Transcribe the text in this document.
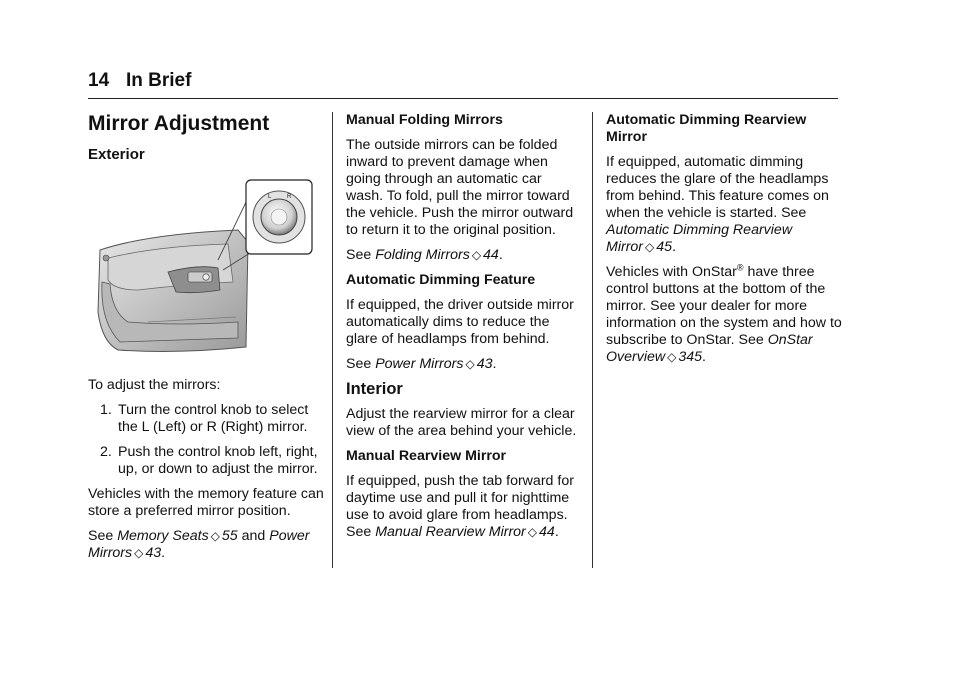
14 In Brief
Mirror Adjustment
Exterior

To adjust the mirrors:

1. Turn the control knob to select the L (Left) or R (Right) mirror.
2. Push the control knob left, right, up, or down to adjust the mirror.

Vehicles with the memory feature can store a preferred mirror position.

See Memory Seats ◇ 55 and Power Mirrors ◇ 43.

L	R
Manual Folding Mirrors

The outside mirrors can be folded inward to prevent damage when going through an automatic car wash. To fold, pull the mirror toward the vehicle. Push the mirror outward to return it to the original position.

See Folding Mirrors ◇ 44.

Automatic Dimming Feature

If equipped, the driver outside mirror automatically dims to reduce the glare of headlamps from behind.

See Power Mirrors ◇ 43.

Interior

Adjust the rearview mirror for a clear view of the area behind your vehicle.

Manual Rearview Mirror

If equipped, push the tab forward for daytime use and pull it for nighttime use to avoid glare from headlamps. See Manual Rearview Mirror ◇ 44.

Automatic Dimming Rearview Mirror

If equipped, automatic dimming reduces the glare of the headlamps from behind. This feature comes on when the vehicle is started. See Automatic Dimming Rearview Mirror ◇ 45.

Vehicles with OnStar® have three control buttons at the bottom of the mirror. See your dealer for more information on the system and how to subscribe to OnStar. See OnStar Overview ◇ 345.
